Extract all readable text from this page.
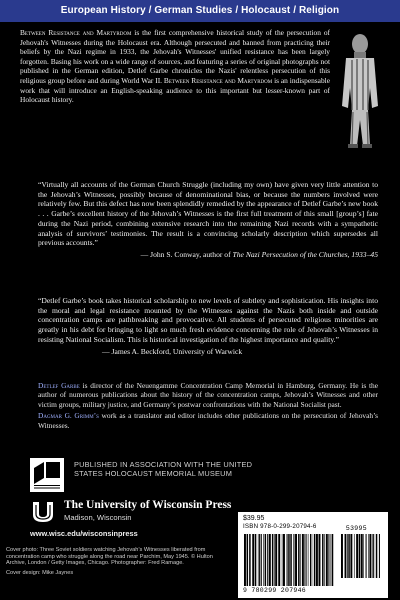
European History / German Studies / Holocaust / Religion
Between Resistance and Martyrdom is the first comprehensive historical study of the persecution of Jehovah's Witnesses during the Holocaust era. Although persecuted and banned from practicing their beliefs by the Nazi regime in 1933, the Jehovah's Witnesses' unified resistance has been largely forgotten. Basing his work on a wide range of sources, and featuring a series of original photographs not published in the German edition, Detlef Garbe chronicles the Nazis' relentless persecution of this religious group before and during World War II. Between Resistance and Martyrdom is an indispensable work that will introduce an English-speaking audience to this important but lesser-known part of Holocaust history.

“Virtually all accounts of the German Church Struggle (including my own) have given very little attention to the Jehovah’s Witnesses, possibly because of denominational bias, or because the numbers involved were relatively few. But this defect has now been splendidly remedied by the appearance of Detlef Garbe’s new book . . . Garbe’s excellent history of the Jehovah’s Witnesses is the first full treatment of this small [group’s] fate during the Nazi period, combining extensive research into the remaining Nazi records with a sympathetic analysis of survivors’ testimonies. The result is a convincing scholarly description which supersedes all previous accounts.”

— John S. Conway, author of The Nazi Persecution of the Churches, 1933–45

“Detlef Garbe’s book takes historical scholarship to new levels of subtlety and sophistication. His insights into the moral and legal resistance mounted by the Witnesses against the Nazis both inside and outside concentration camps are pathbreaking and provocative. All students of persecuted religious minorities are greatly in his debt for bringing to light so much fresh evidence concerning the role of Jehovah’s Witnesses in resisting National Socialism. This is historical investigation of the highest importance and quality.”

— James A. Beckford, University of Warwick

Detlef Garbe is director of the Neuengamme Concentration Camp Memorial in Hamburg, Germany. He is the author of numerous publications about the history of the concentration camps, Jehovah’s Witnesses and other victim groups, military justice, and Germany’s postwar confrontations with the National Socialist past.

Dagmar G. Grimm’s work as a translator and editor includes other publications on the persecution of Jehovah’s Witnesses.

PUBLISHED IN ASSOCIATION WITH THE UNITED
STATES HOLOCAUST MEMORIAL MUSEUM
The University of Wisconsin Press
Madison, Wisconsin
www.wisc.edu/wisconsinpress

Cover photo: Three Soviet soldiers watching Jehovah’s Witnesses liberated from concentration camp who struggle along the road near Parchim, May 1945. © Hulton Archive, London / Getty Images, Chicago. Photographer: Fred Ramage.

Cover design: Mike Jaynes

$39.95
ISBN 978-0-299-20794-6	53995
9 780299 207946
